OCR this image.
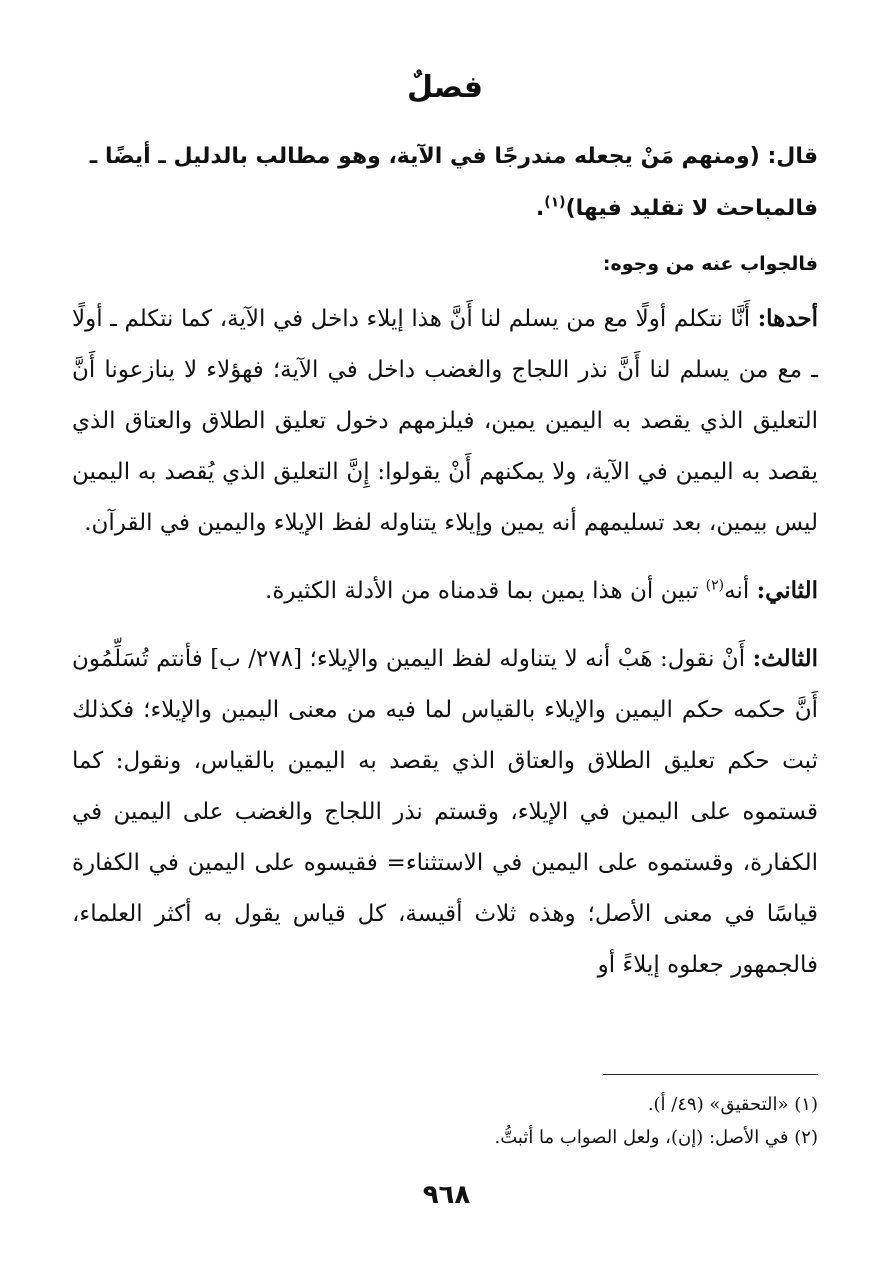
فصلٌ

قال: (ومنهم مَنْ يجعله مندرجًا في الآية، وهو مطالب بالدليل ـ أيضًا ـ فالمباحث لا تقليد فيها)$^{(١)}$.

فالجواب عنه من وجوه:

أحدها: أَنَّا نتكلم أولًا مع من يسلم لنا أَنَّ هذا إيلاء داخل في الآية، كما نتكلم ـ أولًا ـ مع من يسلم لنا أَنَّ نذر اللجاج والغضب داخل في الآية؛ فهؤلاء لا ينازعونا أَنَّ التعليق الذي يقصد به اليمين يمين، فيلزمهم دخول تعليق الطلاق والعتاق الذي يقصد به اليمين في الآية، ولا يمكنهم أَنْ يقولوا: إِنَّ التعليق الذي يُقصد به اليمين ليس بيمين، بعد تسليمهم أنه يمين وإيلاء يتناوله لفظ الإيلاء واليمين في القرآن.

الثاني: أنه$^{(٢)}$ تبين أن هذا يمين بما قدمناه من الأدلة الكثيرة.

الثالث: أَنْ نقول: هَبْ أنه لا يتناوله لفظ اليمين والإيلاء؛ [٢٧٨/ ب] فأنتم تُسَلِّمُون أَنَّ حكمه حكم اليمين والإيلاء بالقياس لما فيه من معنى اليمين والإيلاء؛ فكذلك ثبت حكم تعليق الطلاق والعتاق الذي يقصد به اليمين بالقياس، ونقول: كما قستموه على اليمين في الإيلاء، وقستم نذر اللجاج والغضب على اليمين في الكفارة، وقستموه على اليمين في الاستثناء= فقيسوه على اليمين في الكفارة قياسًا في معنى الأصل؛ وهذه ثلاث أقيسة، كل قياس يقول به أكثر العلماء، فالجمهور جعلوه إيلاءً أو

(١) «التحقيق» (٤٩/ أ).

(٢) في الأصل: (إن)، ولعل الصواب ما أثبتُّ.

٩٦٨
